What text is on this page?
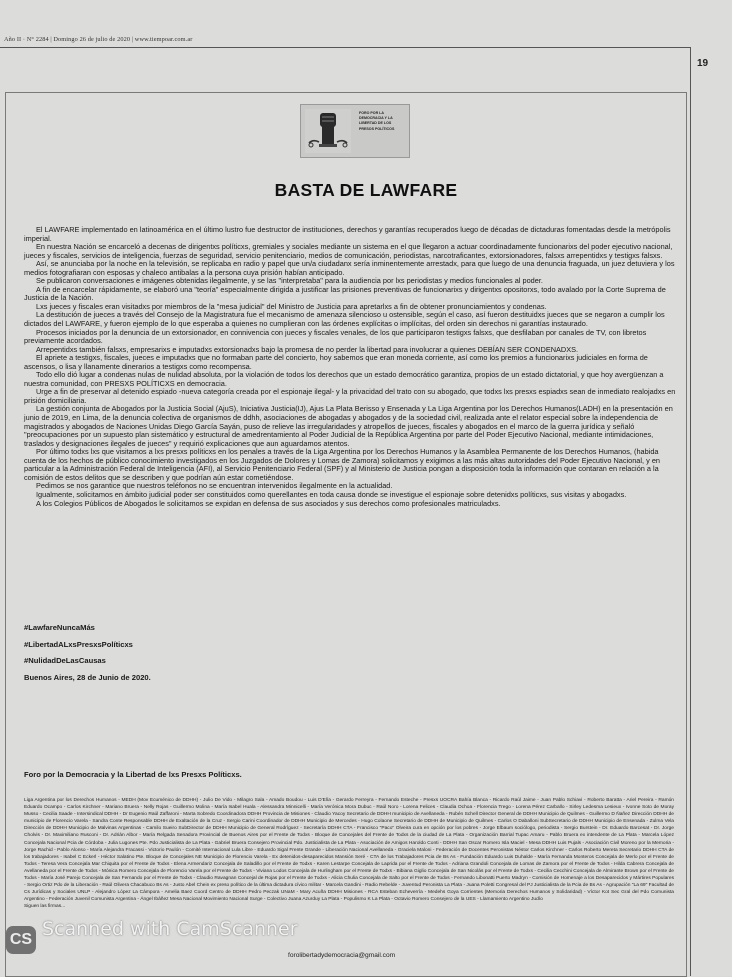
Año II · N° 2284 | Domingo 26 de julio de 2020 | www.tiempoar.com.ar
19
FORO POR LA DEMOCRACIA Y LA LIBERTAD DE LOS PRESOS POLÍTICOS
BASTA DE LAWFARE

El LAWFARE implementado en latinoamérica en el último lustro fue destructor de instituciones, derechos y garantías recuperados luego de décadas de dictaduras fomentadas desde la metrópolis imperial.

En nuestra Nación se encarceló a decenas de dirigentxs políticxs, gremiales y sociales mediante un sistema en el que llegaron a actuar coordinadamente funcionarixs del poder ejecutivo nacional, jueces y fiscales, servicios de inteligencia, fuerzas de seguridad, servicio penitenciario, medios de comunicación, periodistas, narcotraficantes, extorsionadores, falsxs arrepentidxs y testigxs falsxs.

Así, se anunciaba por la noche en la televisión, se replicaba en radio y papel que un/a ciudadanx sería inminentemente arrestadx, para que luego de una denuncia fraguada, un juez detuviera y los medios fotografiaran con esposas y chaleco antibalas a la persona cuya prisión habían anticipado.

Se publicaron conversaciones e imágenes obtenidas ilegalmente, y se las "interpretaba" para la audiencia por lxs periodistas y medios funcionales al poder.

A fin de encarcelar rápidamente, se elaboró una "teoría" especialmente dirigida a justificar las prisiones preventivas de funcionarixs y dirigentxs opositorxs, todo avalado por la Corte Suprema de Justicia de la Nación.

Lxs jueces y fiscales eran visitadxs por miembros de la "mesa judicial" del Ministro de Justicia para apretarlxs a fin de obtener pronunciamientos y condenas.

La destitución de jueces a través del Consejo de la Magistratura fue el mecanismo de amenaza silencioso u ostensible, según el caso, así fueron destituidxs jueces que se negaron a cumplir los dictados del LAWFARE, y fueron ejemplo de lo que esperaba a quienes no cumplieran con las órdenes explícitas o implícitas, del orden sin derechos ni garantías instaurado.

Procesos iniciados por la denuncia de un extorsionador, en connivencia con jueces y fiscales venales, de los que participaron testigxs falsxs, que desfilaban por canales de TV, con libretos previamente acordados.

Arrepentidxs también falsxs, empresarixs e imputadxs extorsionadxs bajo la promesa de no perder la libertad para involucrar a quienes DEBÍAN SER CONDENADXS.

El apriete a testigxs, fiscales, jueces e imputadxs que no formaban parte del concierto, hoy sabemos que eran moneda corriente, así como los premios a funcionarixs judiciales en forma de ascensos, o lisa y llanamente dinerarios a testigxs como recompensa.

Todo ello dió lugar a condenas nulas de nulidad absoluta, por la violación de todos los derechos que un estado democrático garantiza, propios de un estado dictatorial, y que hoy avergüenzan a nuestra comunidad, con PRESXS POLÍTICXS en democracia.

Urge a fin de preservar al detenido espiado -nueva categoría creada por el espionaje ilegal- y la privacidad del trato con su abogado, que todxs lxs presxs espiadxs sean de inmediato realojadxs en prisión domiciliaria.

La gestión conjunta de Abogados por la Justicia Social (AjuS), Iniciativa Justicia(IJ), Ajus La Plata Berisso y Ensenada y La Liga Argentina por los Derechos Humanos(LADH) en la presentación en junio de 2019, en Lima, de la denuncia colectiva de organismos de ddhh, asociaciones de abogadas y abogados y de la sociedad civil, realizada ante el relator especial sobre la independencia de magistrados y abogados de Naciones Unidas Diego García Sayán, puso de relieve las irregularidades y atropellos de jueces, fiscales y abogados en el marco de la guerra jurídica y señaló "preocupaciones por un supuesto plan sistemático y estructural de amedrentamiento al Poder Judicial de la República Argentina por parte del Poder Ejecutivo Nacional, mediante intimidaciones, traslados y designaciones ilegales de jueces" y requirió explicaciones que aun aguardamos atentos.

Por último todxs lxs que visitamos a lxs presxs políticxs en los penales a través de la Liga Argentina por los Derechos Humanos y la Asamblea Permanente de los Derechos Humanos, (habida cuenta de los hechos de público conocimiento investigados en los Juzgados de Dolores y Lomas de Zamora) solicitamos y exigimos a las más altas autoridades del Poder Ejecutivo Nacional, y en particular a la Administración Federal de Inteligencia (AFI), al Servicio Penitenciario Federal (SPF) y al Ministerio de Justicia pongan a disposición toda la información que contaran en relación a la comisión de estos delitos que se describen y que podrían aún estar cometiéndose.

Pedimos se nos garantice que nuestros teléfonos no se encuentran intervenidos ilegalmente en la actualidad.

Igualmente, solicitamos en ámbito judicial poder ser constituidos como querellantes en toda causa donde se investigue el espionaje sobre detenidxs políticxs, sus visitas y abogadxs.

A los Colegios Públicos de Abogados le solicitamos se expidan en defensa de sus asociados y sus derechos como profesionales matriculadxs.

#LawfareNuncaMás
#LibertadALxsPresxsPolíticxs
#NulidadDeLasCausas
Buenos Aires, 28 de Junio de 2020.
Foro por la Democracia y la Libertad de lxs Presxs Políticxs.
Liga Argentina por los Derechos Humanos - MEDH (Mov Ecuménico de DDHH) - Julio De Vido - Milagro Sala - Amado Boudou - Luis D'Elía - Gerardo Ferreyra - Fernando Esteche - Presxs UOCRA Bahía Blanca - Ricardo Raúl Jaime - Juan Pablo Schiavi - Roberto Baratta - Ariel Pereira - Ramón Eduardo Ocampo - Carlos Kirchner - Mariano Bruera - Nelly Rojas - Guillermo Molina - María Isabel Huala - Alessandra Minnicelli - María Verónica Mora Dubuc - Raúl Noro - Lorena Felices - Claudia Ochoa - Florencia Trego - Lorena Pérez Carballo - Sirley Ledesma Lesieux - Ivonne Soto de Moray Musso - Cecilia Saade - Intersindical DDHH - Dr Eugenio Raúl Zaffaroni - Marta Sobredo Coordinadora DDHH Provincia de Misiones - Claudio Yacoy Secretario de DDHH municipio de Avellaneda - Rubén Schell Director General de DDHH Municipio de Quilmes - Guillermo D Ñañez Dirección DDHH de municipio de Florencio Varela - Sandra Conte Responsable DDHH de Exaltación de la Cruz - Sergio Carini Coordinador de DDHH Municipio de Mercedes - Hugo Colaone Secretario de DDHH de Municipio de Quilmes - Carlos O Daballoni SubSecretario de DDHH Municipio de Ensenada - Zulma Vela Dirección de DDHH Municipio de Malvinas Argentinas - Camilo Sueiro SubDirector de DDHH Municipio de General Rodríguez - Secretaría DDHH CTA - Francisco "Paco" Olveira cura en opción por los pobres - Jorge Elbaum sociólogo, periodista - Sergio Burstein - Dr. Eduardo Barcesat - Dr. Jorge Cholvis - Dr. Maximiliano Rusconi - Dr. Adrián Albor - María Relgada Senadora Provincial de Buenos Aires por el Frente de Todxs - Bloque de Concejales del Frente de Todxs de la ciudad de La Plata - Organización Barrial Tupac Amaru - Pablo Bruera ex intendente de La Plata - Marcela López Concejala Nacional Pcia de Córdoba - Julia Lugones Pte. Pdo Justicialista de La Plata - Gabriel Bruera Consejero Provincial Pdo. Justicialista de La Plata - Asociación de Amigos Haroldo Conti - DDHH San Oscar Romero Isla Maciel - Mesa DDHH Luis Pujals - Asociación Civil Moreno por la Memoria - Jorge Rachid - Pablo Alonso - María Alejandra Fracassi - Victorio Paulón - Comité Internacional Lula Libre - Eduardo Sigal Frente Grande - Liberación Nacional Avellaneda - Graciela Maloni - Federación de Docentes Peronistas Néstor Carlos Kirchner - Carlos Roberto Mereta Secretario DDHH CTA de los trabajadores - Isabel C Eckerl - Héctor Salatino Pte. Bloque de Concejales NE Municipio de Florencio Varela - Ex detenidos-desaparecidos Mansión Seré - CTA de los Trabajadores Pcia de Bs As - Fundación Eduardo Luis Duhalde - María Fernanda Monteros Concejala de Merlo por el Frente de Todxs - Teresa Vera Concejala Mar Chiquita por el Frente de Todxs - Elena Armendariz Concejala de Saladillo por el Frente de Todxs - Karen Lestarpe Concejala de Laprida por el Frente de Todxs - Adriana Grandoli Concejala de Lomas de Zamora por el Frente de Todxs - Hilda Cabrera Concejala de Avellaneda por el Frente de Todxs - Mónica Romero Concejala de Florencio Varela por el Frente de Todxs - Viviana Lodos Concejala de Hurlingham por el Frente de Todxs - Bibiana Giglio Concejala de San Nicolás por el Frente de Todxs - Cecilia Cecchini Concejala de Almirante Brown por el Frente de Todxs - María José Parejo Concejala de San Fernando por el Frente de Todxs - Claudio Ravagnan Concejal de Rojas por el Frente de Todxs - Alicia Chulia Concejala de Salto por el Frente de Todxs - Fernando Libonatti Puerto Madryn - Comisión de Homenaje a los Desaparecidos y Mártires Populares - Sergio Ortiz Pdo de la Liberación - Raúl Olivera Chacabuco Bs As - Justo Abel Chein ex preso político de la última dictadura cívico militar - Marcela Gandini - Radio Rebelde - Juventud Peronista La Plata - Juana Poletti Congresal del PJ Justicialista de la Pcia de Bs As - Agrupación "La 69" Facultad de Cs Jurídicas y Sociales UNLP - Alejandro López La Cámpora - Amelia Baez Coord Centro de DDHH Pedro Peczak UNaM - Mary Acuña DDHH Misiones - RCA Esteban Echeverría - Medehs Goya Corrientes (Memoria Derechos Humanos y Solidaridad) - Víctor Kot Sec Gral del Pdo Comunista Argentino - Federación Juvenil Comunista Argentina - Ángel Ibáñez Mesa Nacional Movimiento Nacional Surge - Colectivo Juana Azurduy La Plata - Populismo K La Plata - Octavio Romero Consejero de la UES - Llamamiento Argentino Judío
Siguen las firmas...
forolibertadydemocracia@gmail.com
CS Scanned with CamScanner
